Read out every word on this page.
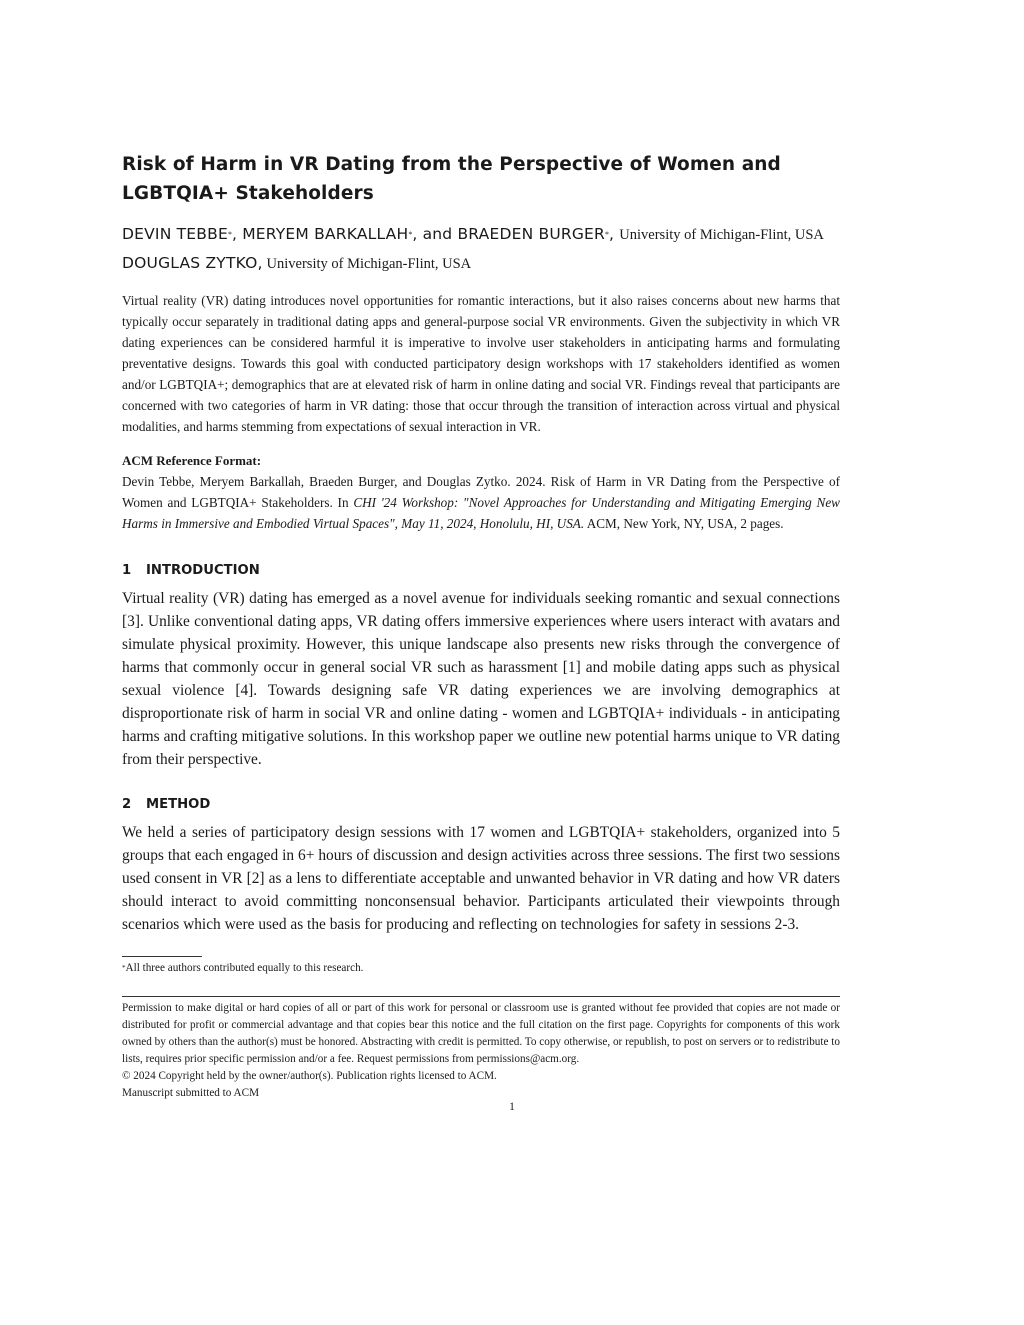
Risk of Harm in VR Dating from the Perspective of Women and LGBTQIA+ Stakeholders
DEVIN TEBBE*, MERYEM BARKALLAH*, and BRAEDEN BURGER*, University of Michigan-Flint, USA
DOUGLAS ZYTKO, University of Michigan-Flint, USA

Virtual reality (VR) dating introduces novel opportunities for romantic interactions, but it also raises concerns about new harms that typically occur separately in traditional dating apps and general-purpose social VR environments. Given the subjectivity in which VR dating experiences can be considered harmful it is imperative to involve user stakeholders in anticipating harms and formulating preventative designs. Towards this goal with conducted participatory design workshops with 17 stakeholders identified as women and/or LGBTQIA+; demographics that are at elevated risk of harm in online dating and social VR. Findings reveal that participants are concerned with two categories of harm in VR dating: those that occur through the transition of interaction across virtual and physical modalities, and harms stemming from expectations of sexual interaction in VR.

ACM Reference Format:
Devin Tebbe, Meryem Barkallah, Braeden Burger, and Douglas Zytko. 2024. Risk of Harm in VR Dating from the Perspective of Women and LGBTQIA+ Stakeholders. In CHI '24 Workshop: "Novel Approaches for Understanding and Mitigating Emerging New Harms in Immersive and Embodied Virtual Spaces", May 11, 2024, Honolulu, HI, USA. ACM, New York, NY, USA, 2 pages.
1 INTRODUCTION

Virtual reality (VR) dating has emerged as a novel avenue for individuals seeking romantic and sexual connections [3]. Unlike conventional dating apps, VR dating offers immersive experiences where users interact with avatars and simulate physical proximity. However, this unique landscape also presents new risks through the convergence of harms that commonly occur in general social VR such as harassment [1] and mobile dating apps such as physical sexual violence [4]. Towards designing safe VR dating experiences we are involving demographics at disproportionate risk of harm in social VR and online dating - women and LGBTQIA+ individuals - in anticipating harms and crafting mitigative solutions. In this workshop paper we outline new potential harms unique to VR dating from their perspective.

2 METHOD

We held a series of participatory design sessions with 17 women and LGBTQIA+ stakeholders, organized into 5 groups that each engaged in 6+ hours of discussion and design activities across three sessions. The first two sessions used consent in VR [2] as a lens to differentiate acceptable and unwanted behavior in VR dating and how VR daters should interact to avoid committing nonconsensual behavior. Participants articulated their viewpoints through scenarios which were used as the basis for producing and reflecting on technologies for safety in sessions 2-3.

*All three authors contributed equally to this research.
Permission to make digital or hard copies of all or part of this work for personal or classroom use is granted without fee provided that copies are not made or distributed for profit or commercial advantage and that copies bear this notice and the full citation on the first page. Copyrights for components of this work owned by others than the author(s) must be honored. Abstracting with credit is permitted. To copy otherwise, or republish, to post on servers or to redistribute to lists, requires prior specific permission and/or a fee. Request permissions from permissions@acm.org.
© 2024 Copyright held by the owner/author(s). Publication rights licensed to ACM.
Manuscript submitted to ACM
1
